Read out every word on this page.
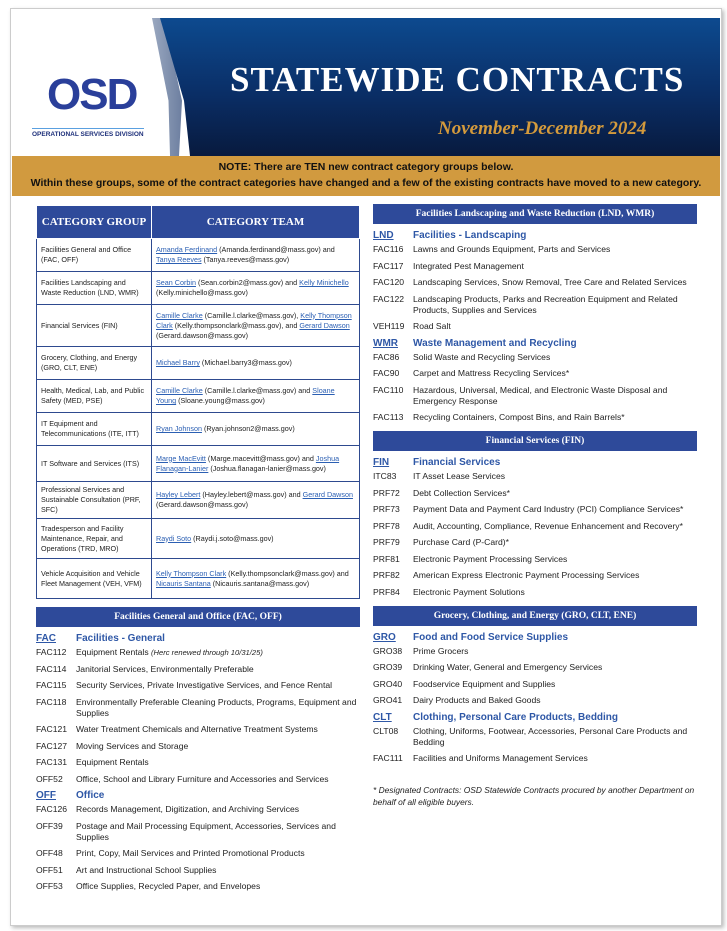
OSD
OPERATIONAL SERVICES DIVISION
STATEWIDE CONTRACTS
November-December 2024
NOTE: There are TEN new contract category groups below.
Within these groups, some of the contract categories have changed and a few of the existing contracts have moved to a new category.
CATEGORY GROUP	CATEGORY TEAM
Facilities General and Office (FAC, OFF)	Amanda Ferdinand (Amanda.ferdinand@mass.gov) and Tanya Reeves (Tanya.reeves@mass.gov)
Facilities Landscaping and Waste Reduction (LND, WMR)	Sean Corbin (Sean.corbin2@mass.gov) and Kelly Minichello (Kelly.minichello@mass.gov)
Financial Services (FIN)	Camille Clarke (Camille.l.clarke@mass.gov), Kelly Thompson Clark (Kelly.thompsonclark@mass.gov), and Gerard Dawson (Gerard.dawson@mass.gov)
Grocery, Clothing, and Energy (GRO, CLT, ENE)	Michael Barry (Michael.barry3@mass.gov)
Health, Medical, Lab, and Public Safety (MED, PSE)	Camille Clarke (Camille.l.clarke@mass.gov) and Sloane Young (Sloane.young@mass.gov)
IT Equipment and Telecommunications (ITE, ITT)	Ryan Johnson (Ryan.johnson2@mass.gov)
IT Software and Services (ITS)	Marge MacEvitt (Marge.macevitt@mass.gov) and Joshua Flanagan-Lanier (Joshua.flanagan-lanier@mass.gov)
Professional Services and Sustainable Consultation (PRF, SFC)	Hayley Lebert (Hayley.lebert@mass.gov) and Gerard Dawson (Gerard.dawson@mass.gov)
Tradesperson and Facility Maintenance, Repair, and Operations (TRD, MRO)	Raydi Soto (Raydi.j.soto@mass.gov)
Vehicle Acquisition and Vehicle Fleet Management (VEH, VFM)	Kelly Thompson Clark (Kelly.thompsonclark@mass.gov) and Nicauris Santana (Nicauris.santana@mass.gov)
Facilities General and Office (FAC, OFF)
FAC	Facilities - General
FAC112	Equipment Rentals (Herc renewed through 10/31/25)
FAC114	Janitorial Services, Environmentally Preferable
FAC115	Security Services, Private Investigative Services, and Fence Rental
FAC118	Environmentally Preferable Cleaning Products, Programs, Equipment and Supplies
FAC121	Water Treatment Chemicals and Alternative Treatment Systems
FAC127	Moving Services and Storage
FAC131	Equipment Rentals
OFF52	Office, School and Library Furniture and Accessories and Services
OFF	Office
FAC126	Records Management, Digitization, and Archiving Services
OFF39	Postage and Mail Processing Equipment, Accessories, Services and Supplies
OFF48	Print, Copy, Mail Services and Printed Promotional Products
OFF51	Art and Instructional School Supplies
OFF53	Office Supplies, Recycled Paper, and Envelopes
Facilities Landscaping and Waste Reduction (LND, WMR)
LND	Facilities - Landscaping
FAC116	Lawns and Grounds Equipment, Parts and Services
FAC117	Integrated Pest Management
FAC120	Landscaping Services, Snow Removal, Tree Care and Related Services
FAC122	Landscaping Products, Parks and Recreation Equipment and Related Products, Supplies and Services
VEH119	Road Salt
WMR	Waste Management and Recycling
FAC86	Solid Waste and Recycling Services
FAC90	Carpet and Mattress Recycling Services*
FAC110	Hazardous, Universal, Medical, and Electronic Waste Disposal and Emergency Response
FAC113	Recycling Containers, Compost Bins, and Rain Barrels*
Financial Services (FIN)
FIN	Financial Services
ITC83	IT Asset Lease Services
PRF72	Debt Collection Services*
PRF73	Payment Data and Payment Card Industry (PCI) Compliance Services*
PRF78	Audit, Accounting, Compliance, Revenue Enhancement and Recovery*
PRF79	Purchase Card (P-Card)*
PRF81	Electronic Payment Processing Services
PRF82	American Express Electronic Payment Processing Services
PRF84	Electronic Payment Solutions
Grocery, Clothing, and Energy (GRO, CLT, ENE)
GRO	Food and Food Service Supplies
GRO38	Prime Grocers
GRO39	Drinking Water, General and Emergency Services
GRO40	Foodservice Equipment and Supplies
GRO41	Dairy Products and Baked Goods
CLT	Clothing, Personal Care Products, Bedding
CLT08	Clothing, Uniforms, Footwear, Accessories, Personal Care Products and Bedding
FAC111	Facilities and Uniforms Management Services
* Designated Contracts: OSD Statewide Contracts procured by another Department on behalf of all eligible buyers.
